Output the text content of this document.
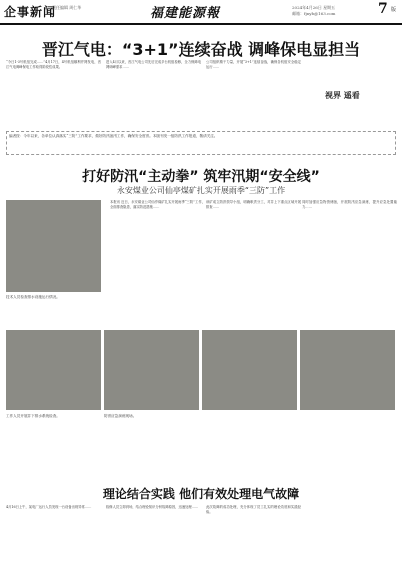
企事新闻
责任编辑 周仁华	福建能源報	2024年4月26日 星期五
邮箱：fjnyb@163.com	7 版
晋江气电：“3+1”连续奋战 调峰保电显担当
“今日1-3号机组完成……”4月17日，4号机组顺利并网发电，晋江气电调峰保电工作取得阶段性成果。
进入4月以来，晋江气电公司先后完成多台机组检修，全力保障电网调峰需求……
公司组织精干力量，开展“3+1”连续奋战，确保各机组安全稳定运行……
视界 遥看
编者按：今年以来，各单位认真落实“三防”工作要求，做好防汛备汛工作，确保安全度汛。本版刊发一组防汛工作报道，敬请关注。
打好防汛“主动拳” 筑牢汛期“安全线”
永安煤业公司仙亭煤矿扎实开展雨季“三防”工作
技术人员检查排水设施运行情况。
本报讯 近日，永安煤业公司仙亭煤矿扎实开展雨季“三防”工作，全面排查隐患，落实防范措施……
该矿成立防汛领导小组，明确职责分工，对井上下重点区域开展排查……
同时加强应急物资储备，开展防汛应急演练，提升应急处置能力……
工作人员开展井下排水系统检查。	防汛应急演练现场。
理论结合实践 他们有效处理电气故障
4月16日上午，某电厂运行人员发现一台设备出现异常……	检修人员立即到场，结合理论知识分析故障原因，迅速处理……	此次故障的成功处理，充分体现了员工扎实的理论功底和实践经验。
